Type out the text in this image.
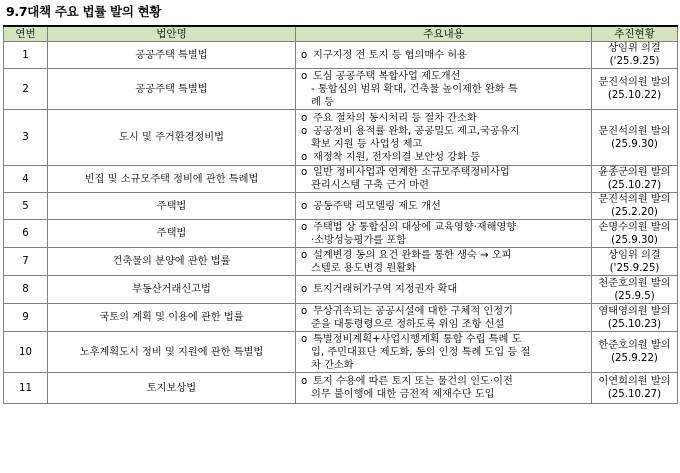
9.7대책 주요 법률 발의 현황
연번	법안명	주요내용	추진현황
1	공공주택 특별법	o 지구지정 전 토지 등 협의매수 허용	상임위 의결
('25.9.25)

2	공공주택 특별법	o 도심 공공주택 복합사업 제도개선
- 통합심의 범위 확대, 건축물 높이제한 완화 특
례 등	문진석의원 발의
(25.10.22)

3	도시 및 주거환경정비법	o 주요 절차의 동시처리 등 절차 간소화
o 공공정비 용적률 완화, 공공밀도 제고,국공유지
확보 지원 등 사업성 제고
o 재정착 지원, 전자의결 보안성 강화 등	문진석의원 발의
(25.9.30)

4	빈집 및 소규모주택 정비에 관한 특례법	o 일반 정비사업과 연계한 소규모주택정비사업
관리시스템 구축 근거 마련	윤종군의원 발의
(25.10.27)

5	주택법	o 공동주택 리모델링 제도 개선	문진석의원 발의
(25.2.20)

6	주택법	o 주택법 상 통합심의 대상에 교육영향·재해영향
·소방성능평가를 포함	손명수의원 발의
(25.9.30)

7	건축물의 분양에 관한 법률	o 설계변경 동의 요건 완화를 통한 생숙 → 오피
스텔로 용도변경 원활화	상임위 의결
('25.9.25)

8	부동산거래신고법	o 토지거래허가구역 지정권자 확대	천준호의원 발의
(25.9.5)

9	국토의 계획 및 이용에 관한 법률	o 무상귀속되는 공공시설에 대한 구체적 인정기
준을 대통령령으로 정하도록 위임 조항 신설	염태영의원 발의
(25.10.23)

10	노후계획도시 정비 및 지원에 관한 특별법	o 특별정비계획+사업시행계획 통합 수립 특례 도
입, 주민대표단 제도화, 동의 인정 특례 도입 등 절
차 간소화	한준호의원 발의
(25.9.22)

11	토지보상법	o 토지 수용에 따른 토지 또는 물건의 인도·이전
의무 불이행에 대한 금전적 제재수단 도입	이연희의원 발의
(25.10.27)
